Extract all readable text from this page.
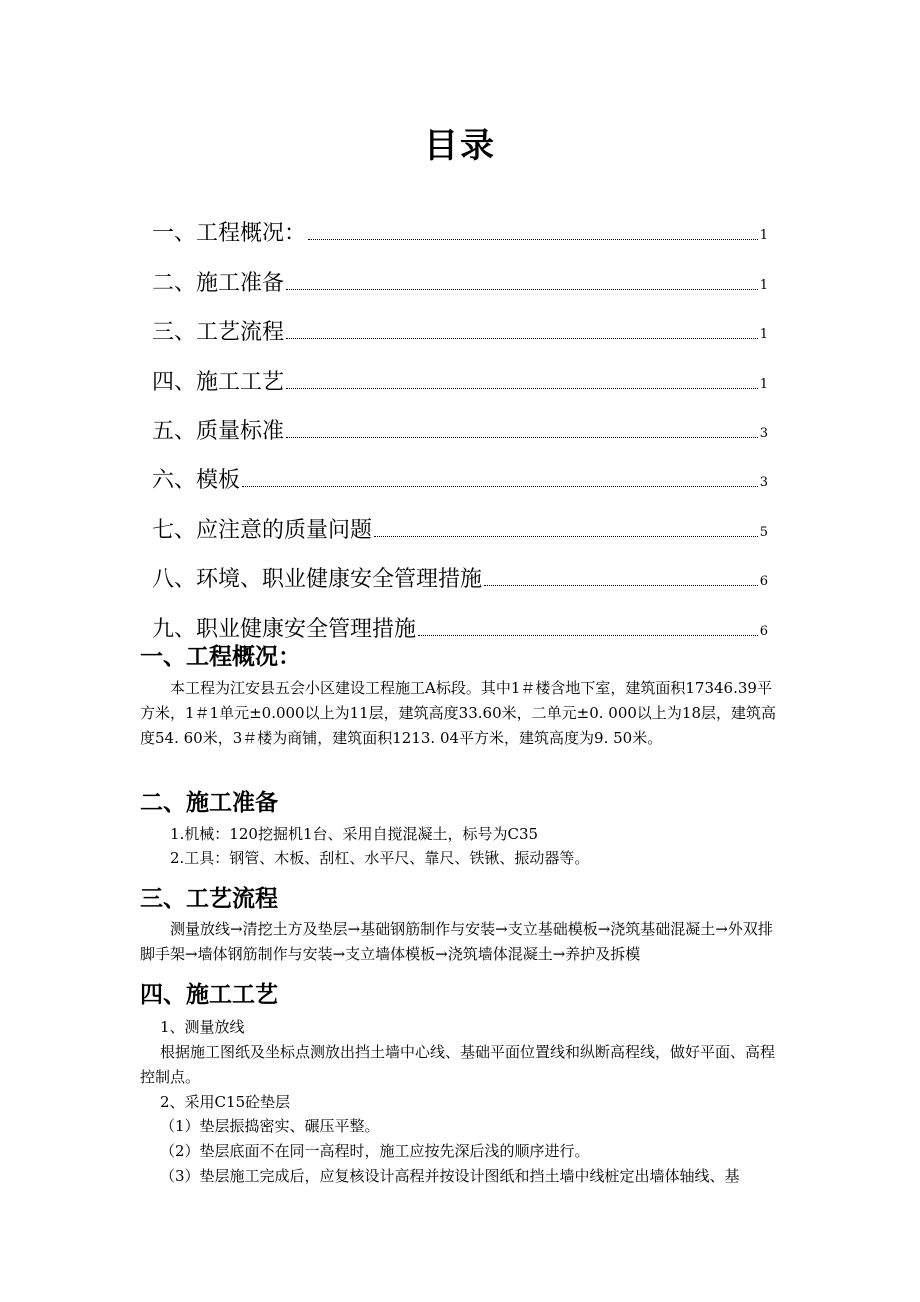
目录
一、工程概况：	1
二、施工准备	1
三、工艺流程	1
四、施工工艺	1
五、质量标准	3
六、模板	3
七、应注意的质量问题	5
八、环境、职业健康安全管理措施	6
九、职业健康安全管理措施	6
一、工程概况：

本工程为江安县五会小区建设工程施工A标段。其中1＃楼含地下室，建筑面积17346.39平方米，1＃1单元±0.000以上为11层，建筑高度33.60米，二单元±0. 000以上为18层，建筑高度54. 60米，3＃楼为商铺，建筑面积1213. 04平方米，建筑高度为9. 50米。

二、施工准备
1.机械：120挖掘机1台、采用自搅混凝土，标号为C35
2.工具：钢管、木板、刮杠、水平尺、靠尺、铁锹、振动器等。
三、工艺流程

测量放线→清挖土方及垫层→基础钢筋制作与安装→支立基础模板→浇筑基础混凝土→外双排脚手架→墙体钢筋制作与安装→支立墙体模板→浇筑墙体混凝土→养护及拆模

四、施工工艺
1、测量放线

根据施工图纸及坐标点测放出挡土墙中心线、基础平面位置线和纵断高程线，做好平面、高程控制点。

2、采用C15砼垫层
（1）垫层振捣密实、碾压平整。
（2）垫层底面不在同一高程时，施工应按先深后浅的顺序进行。
（3）垫层施工完成后，应复核设计高程并按设计图纸和挡土墙中线桩定出墙体轴线、基
